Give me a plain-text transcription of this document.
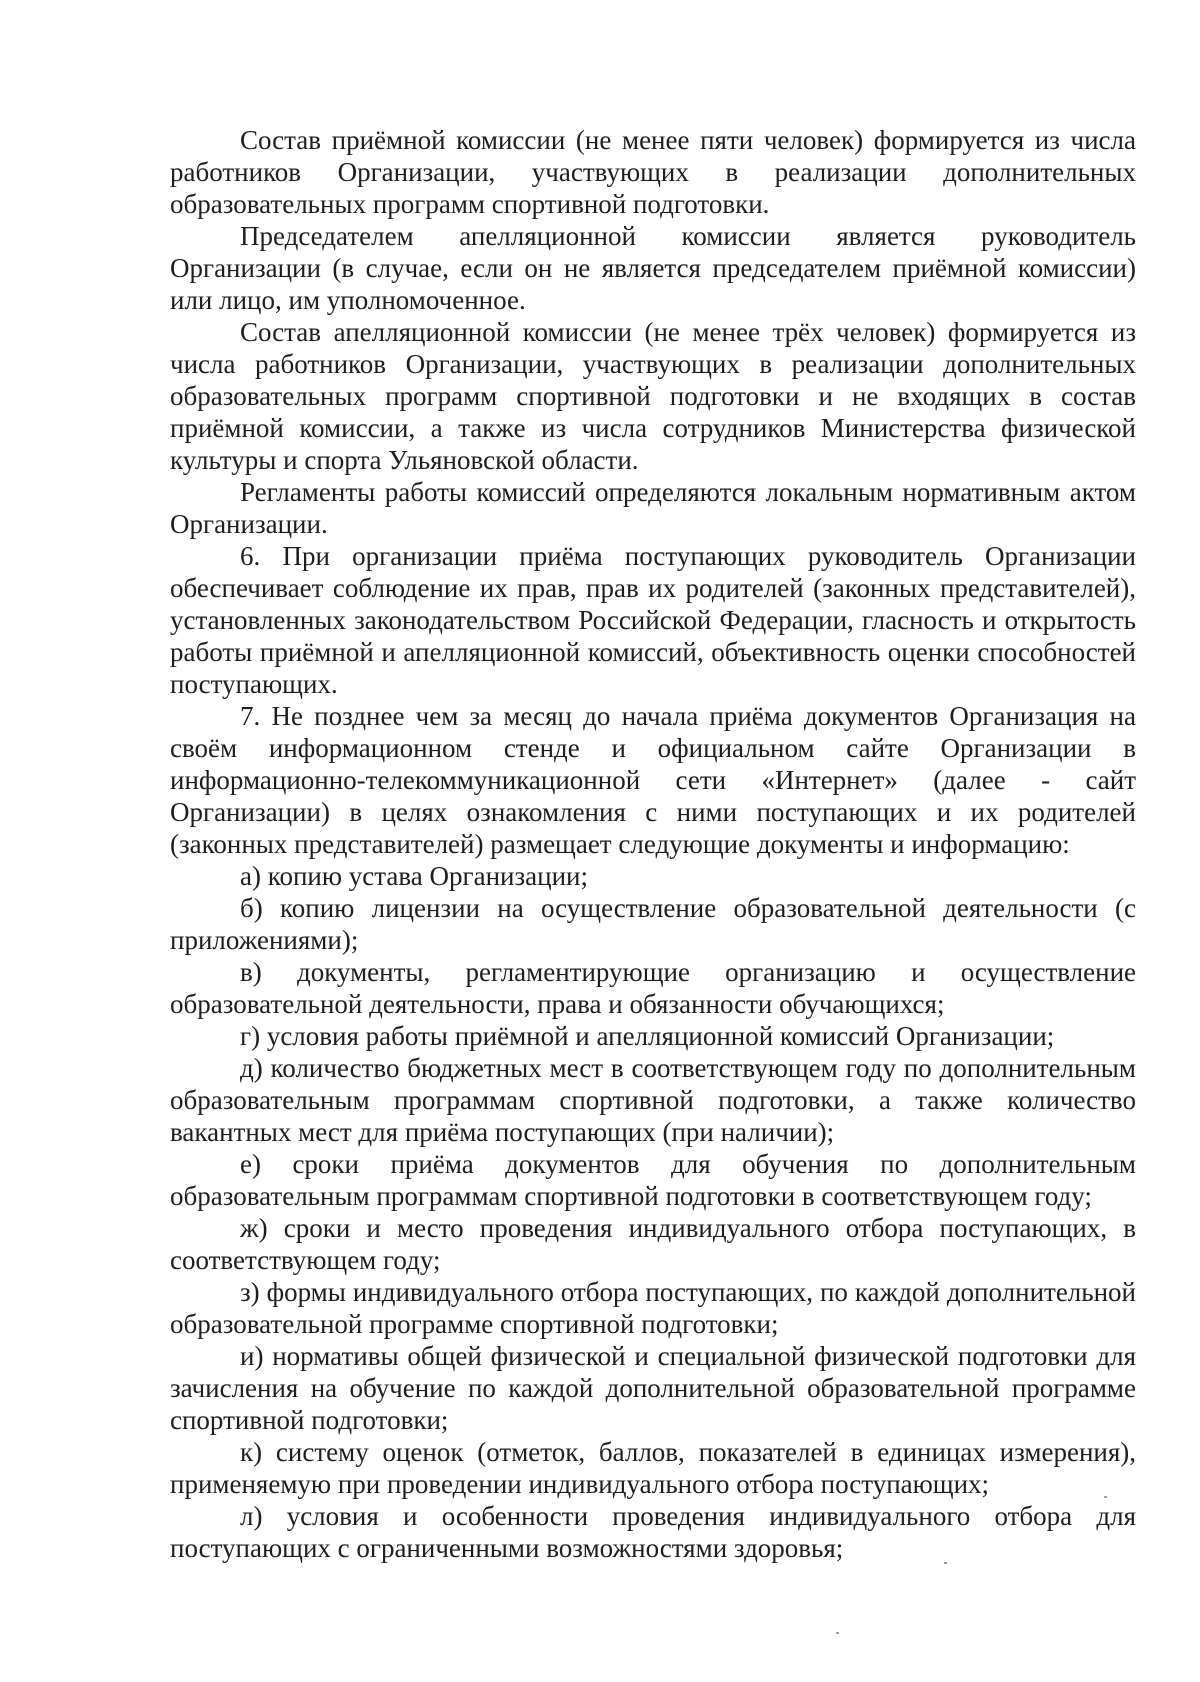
Состав приёмной комиссии (не менее пяти человек) формируется из числа работников Организации, участвующих в реализации дополнительных образовательных программ спортивной подготовки.

Председателем апелляционной комиссии является руководитель Организации (в случае, если он не является председателем приёмной комиссии) или лицо, им уполномоченное.

Состав апелляционной комиссии (не менее трёх человек) формируется из числа работников Организации, участвующих в реализации дополнительных образовательных программ спортивной подготовки и не входящих в состав приёмной комиссии, а также из числа сотрудников Министерства физической культуры и спорта Ульяновской области.

Регламенты работы комиссий определяются локальным нормативным актом Организации.

6. При организации приёма поступающих руководитель Организации обеспечивает соблюдение их прав, прав их родителей (законных представителей), установленных законодательством Российской Федерации, гласность и открытость работы приёмной и апелляционной комиссий, объективность оценки способностей поступающих.

7. Не позднее чем за месяц до начала приёма документов Организация на своём информационном стенде и официальном сайте Организации в информационно-телекоммуникационной сети «Интернет» (далее - сайт Организации) в целях ознакомления с ними поступающих и их родителей (законных представителей) размещает следующие документы и информацию:

а) копию устава Организации;

б) копию лицензии на осуществление образовательной деятельности (с приложениями);

в) документы, регламентирующие организацию и осуществление образовательной деятельности, права и обязанности обучающихся;

г) условия работы приёмной и апелляционной комиссий Организации;

д) количество бюджетных мест в соответствующем году по дополнительным образовательным программам спортивной подготовки, а также количество вакантных мест для приёма поступающих (при наличии);

е) сроки приёма документов для обучения по дополнительным образовательным программам спортивной подготовки в соответствующем году;

ж) сроки и место проведения индивидуального отбора поступающих, в соответствующем году;

з) формы индивидуального отбора поступающих, по каждой дополнительной образовательной программе спортивной подготовки;

и) нормативы общей физической и специальной физической подготовки для зачисления на обучение по каждой дополнительной образовательной программе спортивной подготовки;

к) систему оценок (отметок, баллов, показателей в единицах измерения), применяемую при проведении индивидуального отбора поступающих;

л) условия и особенности проведения индивидуального отбора для поступающих с ограниченными возможностями здоровья;
